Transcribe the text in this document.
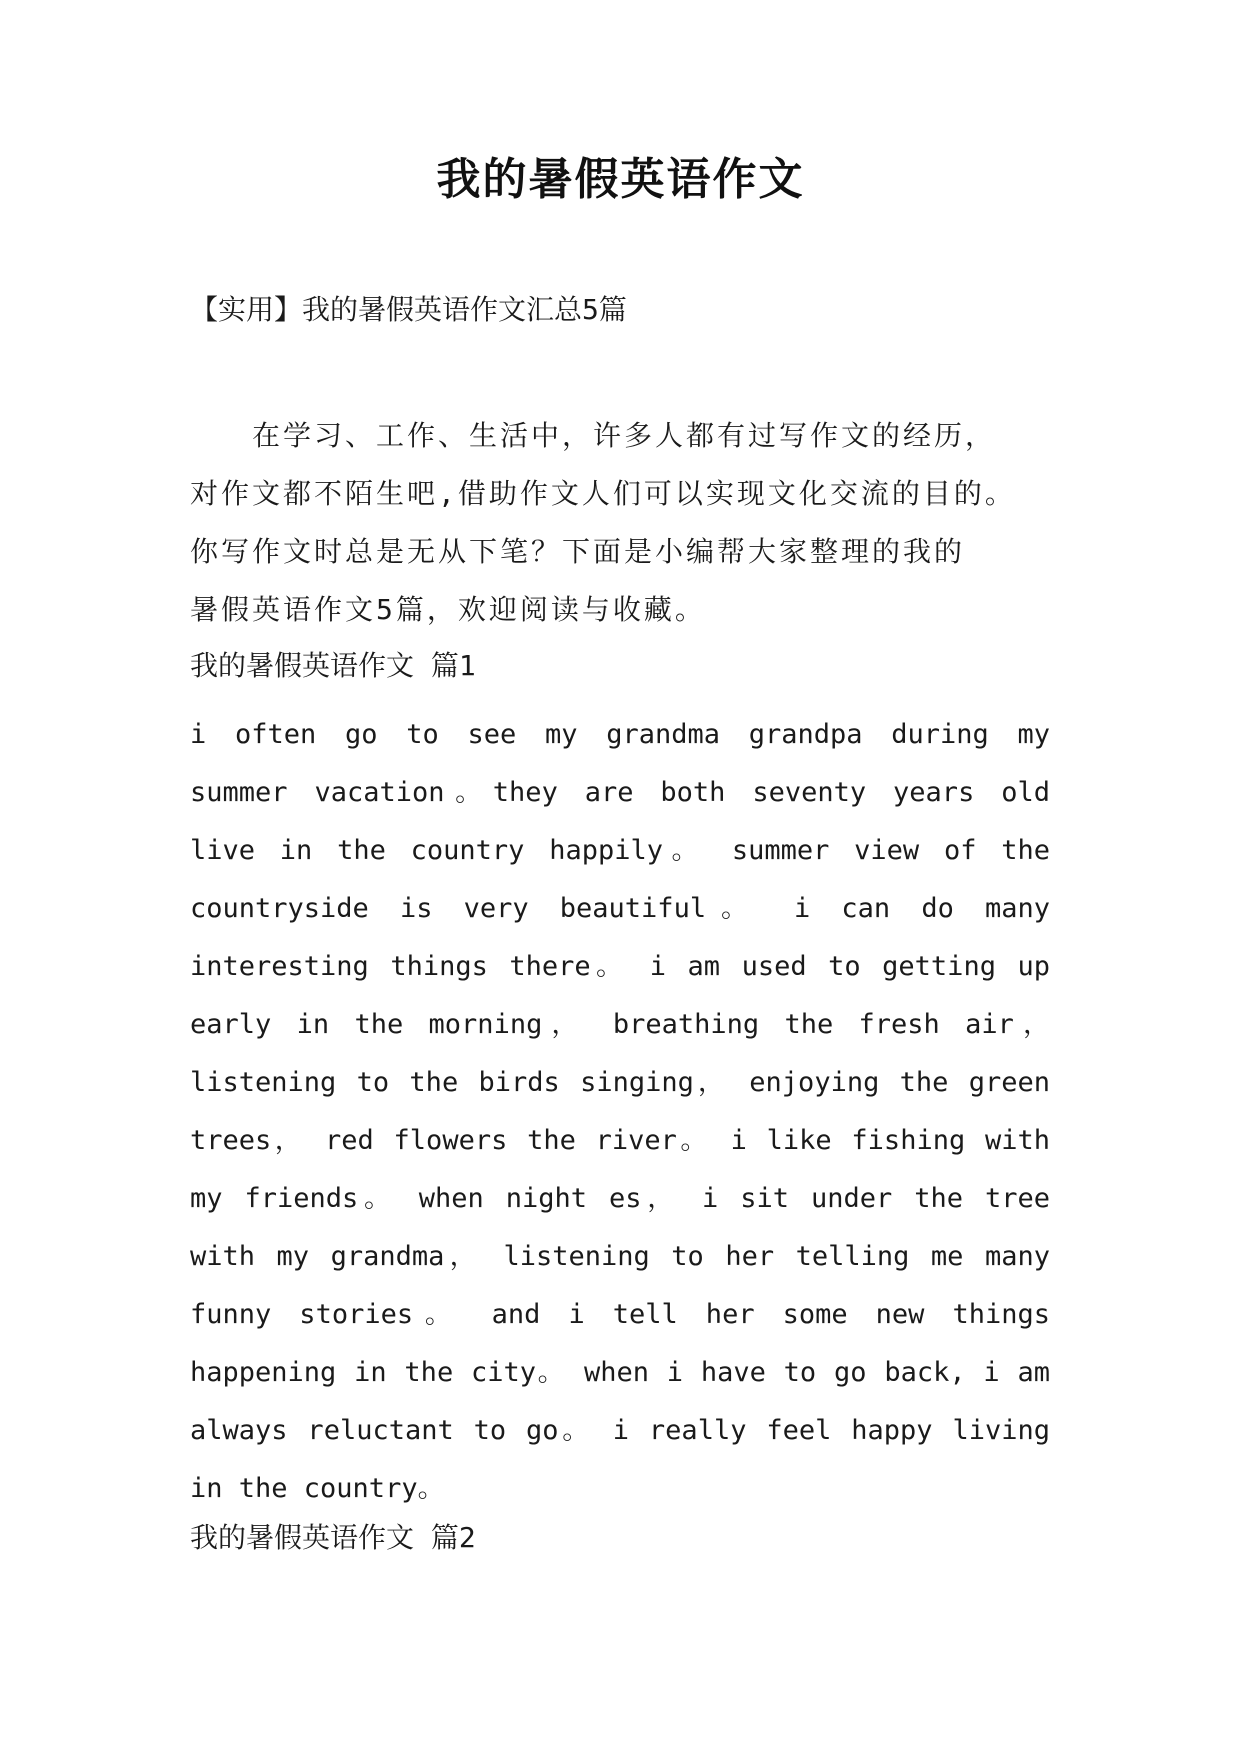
我的暑假英语作文
【实用】我的暑假英语作文汇总5篇
　　在学习、工作、生活中，许多人都有过写作文的经历，
对作文都不陌生吧,借助作文人们可以实现文化交流的目的。
你写作文时总是无从下笔？下面是小编帮大家整理的我的
暑假英语作文5篇，欢迎阅读与收藏。
我的暑假英语作文 篇1
i often go to see my grandma grandpa during my
summer vacation。they are both seventy years old
live in the country happily。 summer view of the
countryside is very beautiful。 i can do many
interesting things there。 i am used to getting up
early in the morning， breathing the fresh air，
listening to the birds singing， enjoying the green
trees， red flowers the river。 i like fishing with
my friends。 when night es， i sit under the tree
with my grandma， listening to her telling me many
funny stories。 and i tell her some new things
happening in the city。 when i have to go back, i am
always reluctant to go。 i really feel happy living
in the country。
我的暑假英语作文 篇2
